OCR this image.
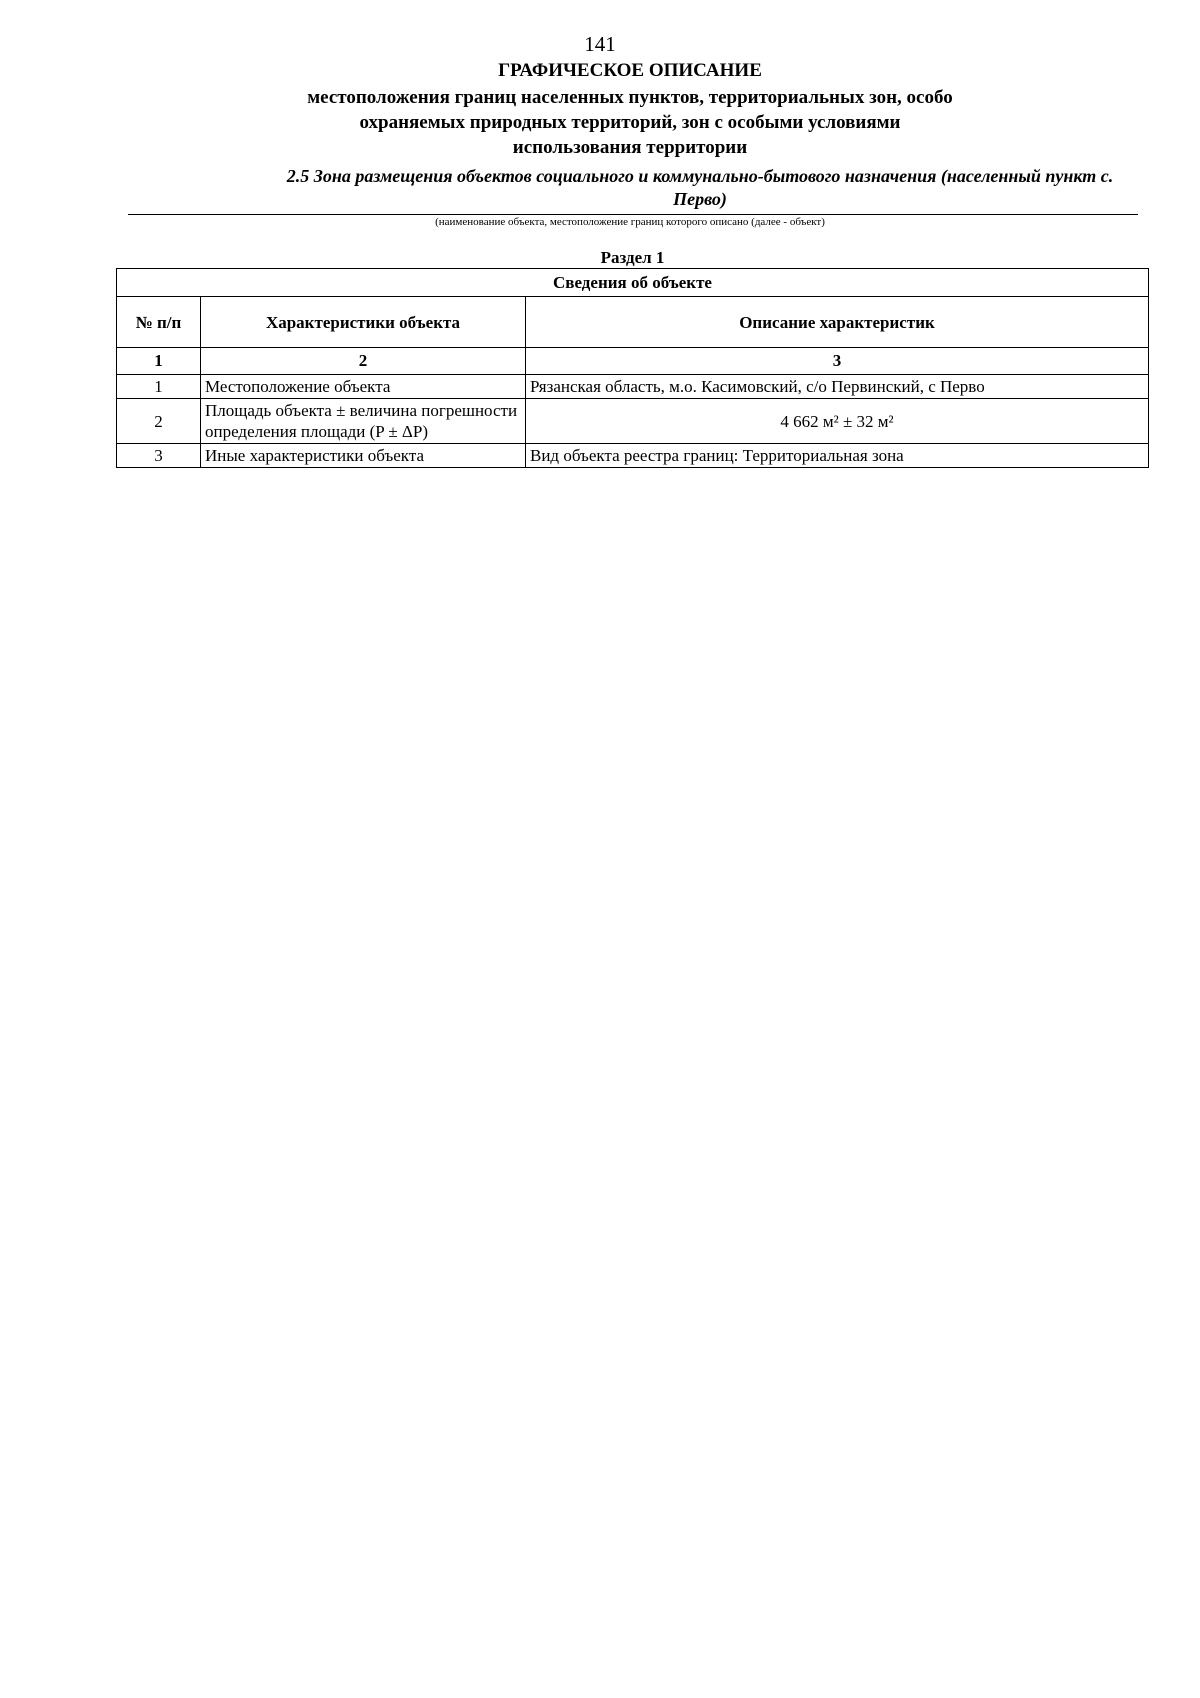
141
ГРАФИЧЕСКОЕ ОПИСАНИЕ
местоположения границ населенных пунктов, территориальных зон, особо охраняемых природных территорий, зон с особыми условиями использования территории
2.5 Зона размещения объектов социального и коммунально-бытового назначения (населенный пункт с. Перво)
(наименование объекта, местоположение границ которого описано (далее - объект)
Раздел 1
Сведения об объекте		
№ п/п	Характеристики объекта	Описание характеристик
1	2	3
1	Местоположение объекта	Рязанская область, м.о. Касимовский, с/о Первинский, с Перво
2	Площадь объекта ± величина погрешности определения площади (P ± ΔP)	4 662 м² ± 32 м²
3	Иные характеристики объекта	Вид объекта реестра границ: Территориальная зона
